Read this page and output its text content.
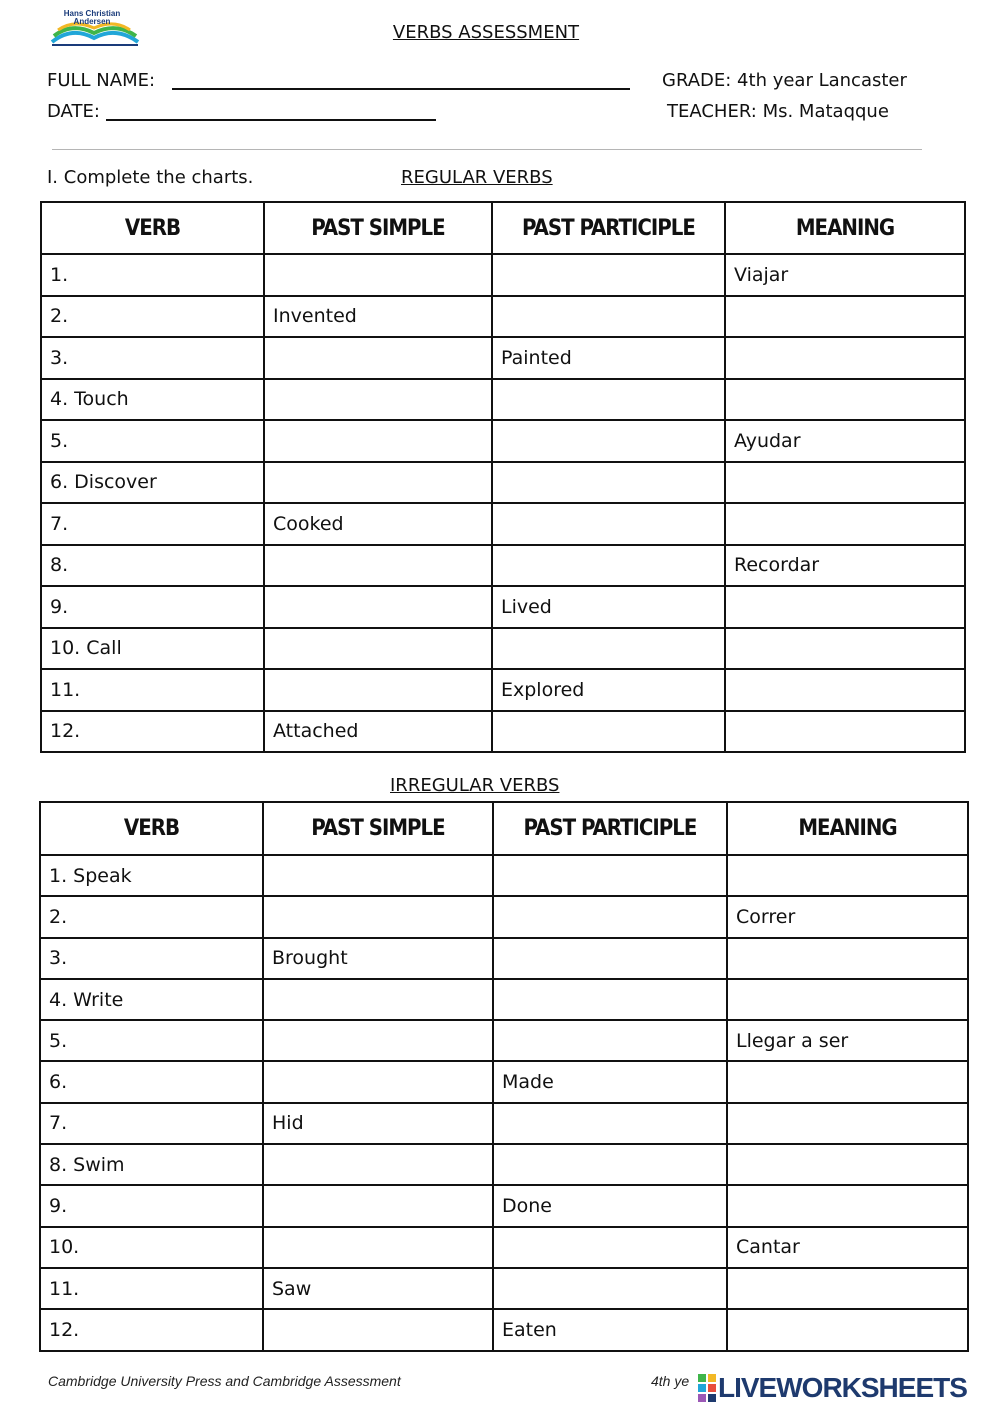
Hans Christian
Andersen
VERBS ASSESSMENT
FULL NAME:
DATE:
GRADE: 4th year Lancaster
TEACHER: Ms. Mataqque
I. Complete the charts.	REGULAR VERBS
VERB	PAST SIMPLE	PAST PARTICIPLE	MEANING
1.			Viajar
2.	Invented		
3.		Painted	
4. Touch			
5.			Ayudar
6. Discover			
7.	Cooked		
8.			Recordar
9.		Lived	
10. Call			
11.		Explored	
12.	Attached		
IRREGULAR VERBS
VERB	PAST SIMPLE	PAST PARTICIPLE	MEANING
1. Speak			
2.			Correr
3.	Brought		
4. Write			
5.			Llegar a ser
6.		Made	
7.	Hid		
8. Swim			
9.		Done	
10.			Cantar
11.	Saw		
12.		Eaten	
Cambridge University Press and Cambridge Assessment	4th ye LIVEWORKSHEETS
